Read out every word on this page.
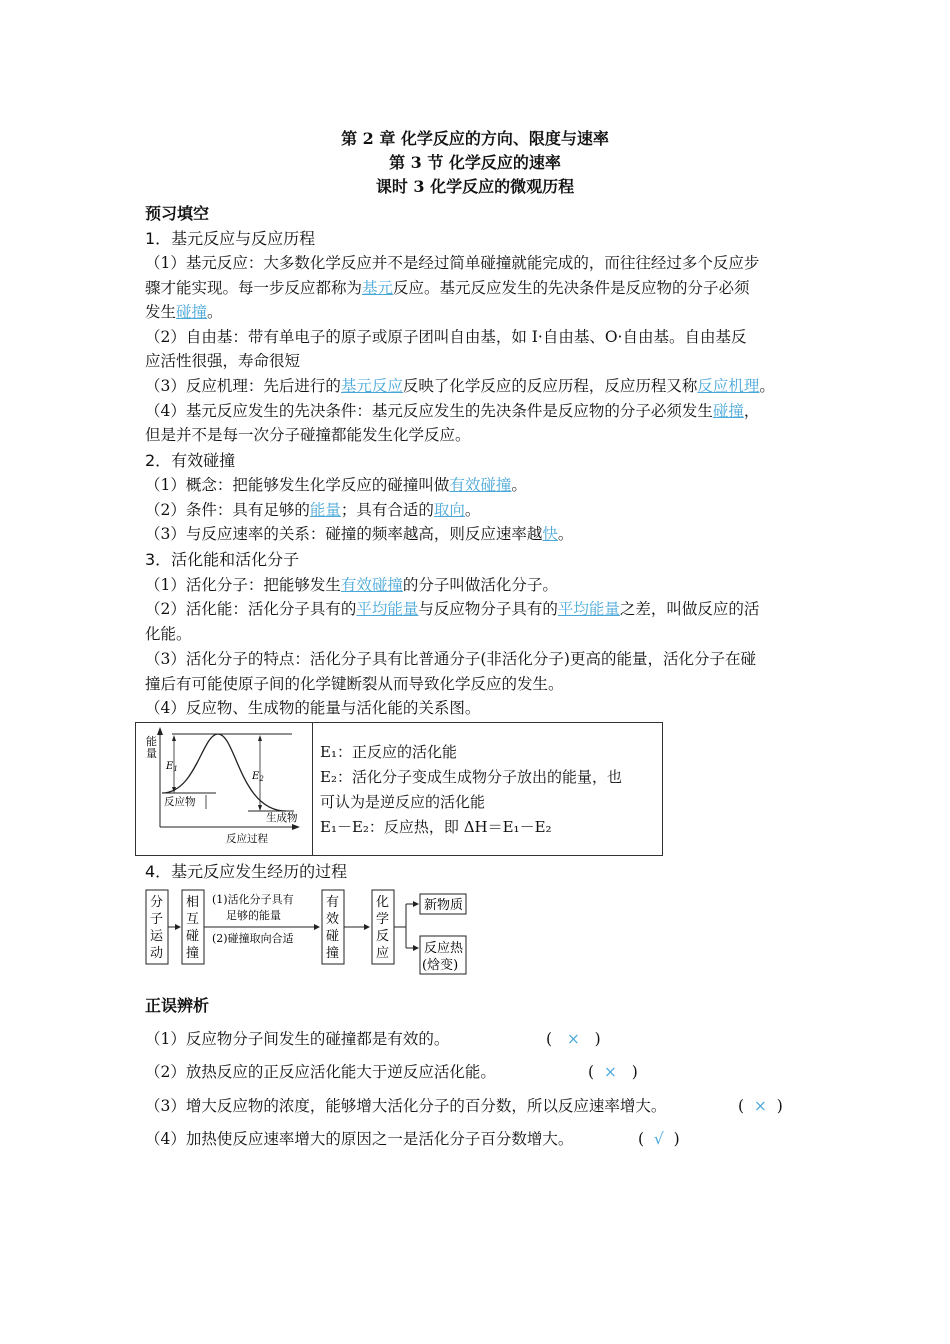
第 2 章 化学反应的方向、限度与速率
第 3 节 化学反应的速率
课时 3 化学反应的微观历程
预习填空
1．基元反应与反应历程
（1）基元反应：大多数化学反应并不是经过简单碰撞就能完成的，而往往经过多个反应步
骤才能实现。每一步反应都称为基元反应。基元反应发生的先决条件是反应物的分子必须
发生碰撞。
（2）自由基：带有单电子的原子或原子团叫自由基，如 I·自由基、O·自由基。自由基反
应活性很强，寿命很短
（3）反应机理：先后进行的基元反应反映了化学反应的反应历程，反应历程又称反应机理。
（4）基元反应发生的先决条件：基元反应发生的先决条件是反应物的分子必须发生碰撞，
但是并不是每一次分子碰撞都能发生化学反应。
2．有效碰撞
（1）概念：把能够发生化学反应的碰撞叫做有效碰撞。
（2）条件：具有足够的能量；具有合适的取向。
（3）与反应速率的关系：碰撞的频率越高，则反应速率越快。
3．活化能和活化分子
（1）活化分子：把能够发生有效碰撞的分子叫做活化分子。
（2）活化能：活化分子具有的平均能量与反应物分子具有的平均能量之差，叫做反应的活
化能。
（3）活化分子的特点：活化分子具有比普通分子(非活化分子)更高的能量，活化分子在碰
撞后有可能使原子间的化学键断裂从而导致化学反应的发生。
（4）反应物、生成物的能量与活化能的关系图。
能
量
$E_1$
$E_2$
反应物
生成物
反应过程
E₁：正反应的活化能
E₂：活化分子变成生成物分子放出的能量，也
可认为是逆反应的活化能
E₁－E₂：反应热，即 ΔH＝E₁－E₂
4．基元反应发生经历的过程
分子运动
相互碰撞
(1)活化分子具有
足够的能量
(2)碰撞取向合适
有效碰撞
化学反应
新物质
反应热
(焓变)
正误辨析
（1）反应物分子间发生的碰撞都是有效的。	( × )
（2）放热反应的正反应活化能大于逆反应活化能。	( × )
（3）增大反应物的浓度，能够增大活化分子的百分数，所以反应速率增大。	( × )
（4）加热使反应速率增大的原因之一是活化分子百分数增大。	( √ )
